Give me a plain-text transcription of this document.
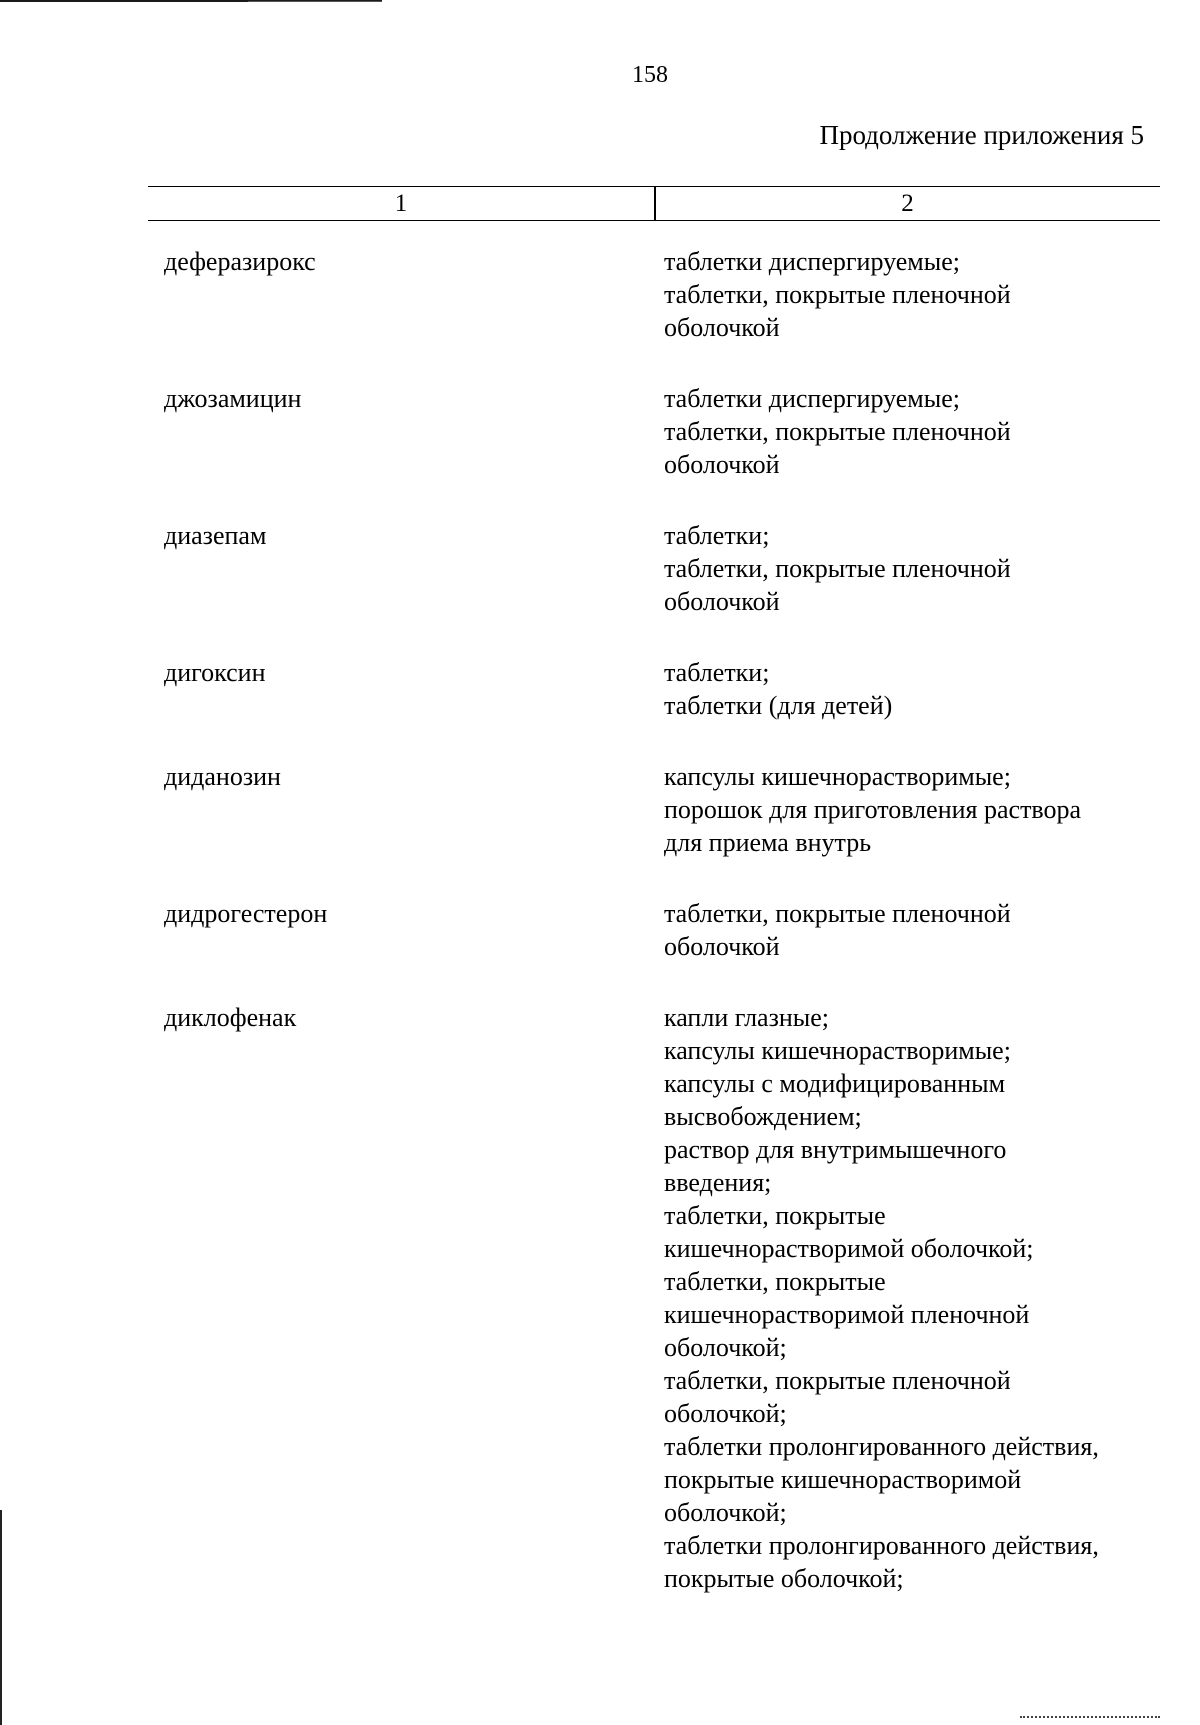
158
Продолжение приложения 5
1	2
деферазирокс	таблетки диспергируемые;
таблетки, покрытые пленочной
оболочкой
джозамицин	таблетки диспергируемые;
таблетки, покрытые пленочной
оболочкой
диазепам	таблетки;
таблетки, покрытые пленочной
оболочкой
дигоксин	таблетки;
таблетки (для детей)
диданозин	капсулы кишечнорастворимые;
порошок для приготовления раствора
для приема внутрь
дидрогестерон	таблетки, покрытые пленочной
оболочкой
диклофенак	капли глазные;
капсулы кишечнорастворимые;
капсулы с модифицированным
высвобождением;
раствор для внутримышечного
введения;
таблетки, покрытые
кишечнорастворимой оболочкой;
таблетки, покрытые
кишечнорастворимой пленочной
оболочкой;
таблетки, покрытые пленочной
оболочкой;
таблетки пролонгированного действия,
покрытые кишечнорастворимой
оболочкой;
таблетки пролонгированного действия,
покрытые оболочкой;
